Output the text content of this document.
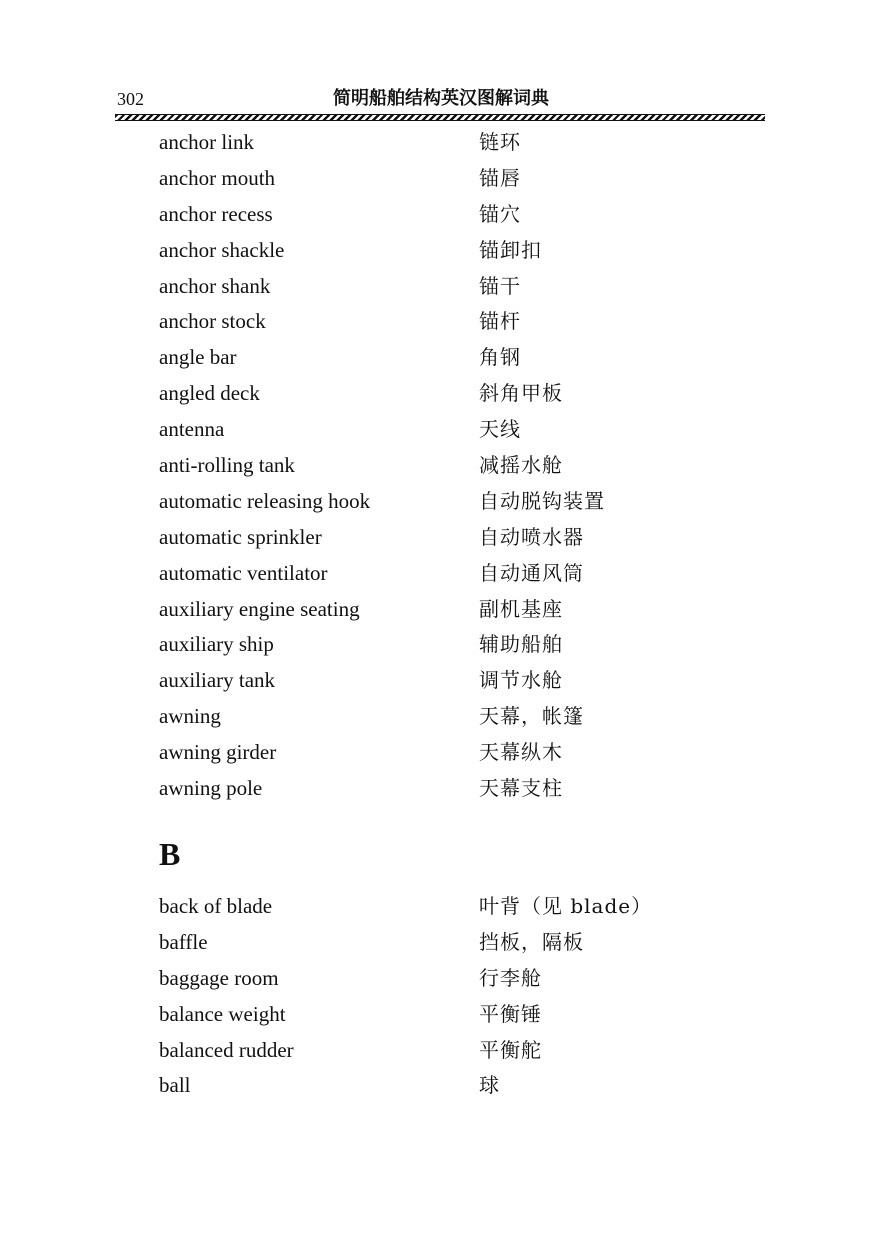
302	简明船舶结构英汉图解词典
anchor link	链环
anchor mouth	锚唇
anchor recess	锚穴
anchor shackle	锚卸扣
anchor shank	锚干
anchor stock	锚杆
angle bar	角钢
angled deck	斜角甲板
antenna	天线
anti-rolling tank	减摇水舱
automatic releasing hook	自动脱钩装置
automatic sprinkler	自动喷水器
automatic ventilator	自动通风筒
auxiliary engine seating	副机基座
auxiliary ship	辅助船舶
auxiliary tank	调节水舱
awning	天幕，帐篷
awning girder	天幕纵木
awning pole	天幕支柱
B
back of blade	叶背（见 blade）
baffle	挡板，隔板
baggage room	行李舱
balance weight	平衡锤
balanced rudder	平衡舵
ball	球
